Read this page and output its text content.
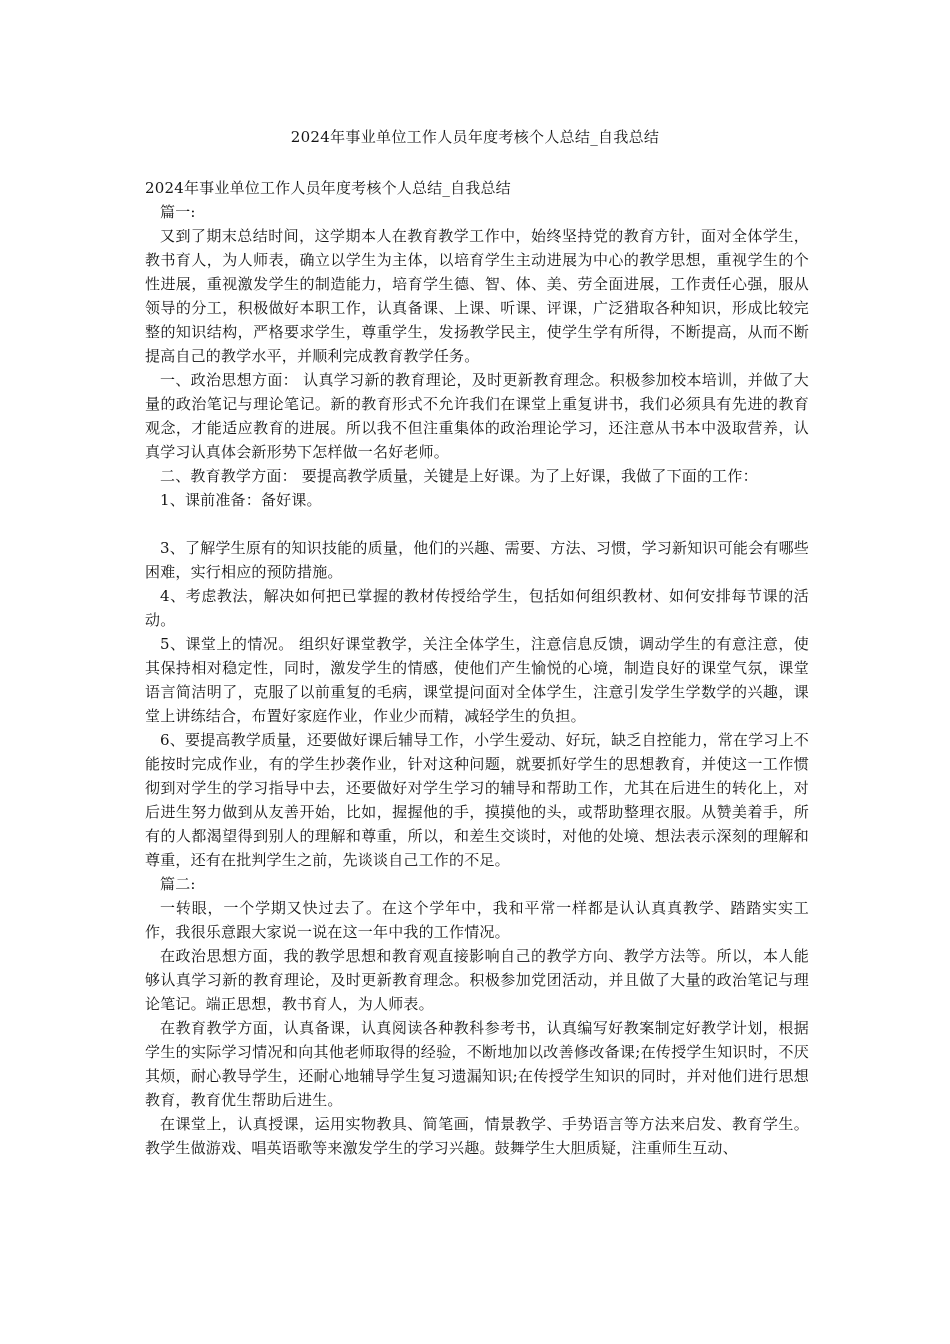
2024年事业单位工作人员年度考核个人总结_自我总结

2024年事业单位工作人员年度考核个人总结_自我总结

篇一:

又到了期末总结时间，这学期本人在教育教学工作中，始终坚持党的教育方针，面对全体学生，教书育人，为人师表，确立以学生为主体，以培育学生主动进展为中心的教学思想，重视学生的个性进展，重视激发学生的制造能力，培育学生德、智、体、美、劳全面进展，工作责任心强，服从领导的分工，积极做好本职工作，认真备课、上课、听课、评课，广泛猎取各种知识，形成比较完整的知识结构，严格要求学生，尊重学生，发扬教学民主，使学生学有所得，不断提高，从而不断提高自己的教学水平，并顺利完成教育教学任务。

一、政治思想方面： 认真学习新的教育理论，及时更新教育理念。积极参加校本培训，并做了大量的政治笔记与理论笔记。新的教育形式不允许我们在课堂上重复讲书，我们必须具有先进的教育观念，才能适应教育的进展。所以我不但注重集体的政治理论学习，还注意从书本中汲取营养，认真学习认真体会新形势下怎样做一名好老师。

二、教育教学方面： 要提高教学质量，关键是上好课。为了上好课，我做了下面的工作：

1、课前准备：备好课。

3、了解学生原有的知识技能的质量，他们的兴趣、需要、方法、习惯，学习新知识可能会有哪些困难，实行相应的预防措施。

4、考虑教法，解决如何把已掌握的教材传授给学生，包括如何组织教材、如何安排每节课的活动。

5、课堂上的情况。 组织好课堂教学，关注全体学生，注意信息反馈，调动学生的有意注意，使其保持相对稳定性，同时，激发学生的情感，使他们产生愉悦的心境，制造良好的课堂气氛，课堂语言简洁明了，克服了以前重复的毛病，课堂提问面对全体学生，注意引发学生学数学的兴趣，课堂上讲练结合，布置好家庭作业，作业少而精，减轻学生的负担。

6、要提高教学质量，还要做好课后辅导工作，小学生爱动、好玩，缺乏自控能力，常在学习上不能按时完成作业，有的学生抄袭作业，针对这种问题，就要抓好学生的思想教育，并使这一工作惯彻到对学生的学习指导中去，还要做好对学生学习的辅导和帮助工作，尤其在后进生的转化上，对后进生努力做到从友善开始，比如，握握他的手，摸摸他的头，或帮助整理衣服。从赞美着手，所有的人都渴望得到别人的理解和尊重，所以，和差生交谈时，对他的处境、想法表示深刻的理解和尊重，还有在批判学生之前，先谈谈自己工作的不足。

篇二:

一转眼，一个学期又快过去了。在这个学年中，我和平常一样都是认认真真教学、踏踏实实工作，我很乐意跟大家说一说在这一年中我的工作情况。

在政治思想方面，我的教学思想和教育观直接影响自己的教学方向、教学方法等。所以，本人能够认真学习新的教育理论，及时更新教育理念。积极参加党团活动，并且做了大量的政治笔记与理论笔记。端正思想，教书育人，为人师表。

在教育教学方面，认真备课，认真阅读各种教科参考书，认真编写好教案制定好教学计划，根据学生的实际学习情况和向其他老师取得的经验，不断地加以改善修改备课;在传授学生知识时，不厌其烦，耐心教导学生，还耐心地辅导学生复习遗漏知识;在传授学生知识的同时，并对他们进行思想教育，教育优生帮助后进生。

在课堂上，认真授课，运用实物教具、简笔画，情景教学、手势语言等方法来启发、教育学生。教学生做游戏、唱英语歌等来激发学生的学习兴趣。鼓舞学生大胆质疑，注重师生互动、
